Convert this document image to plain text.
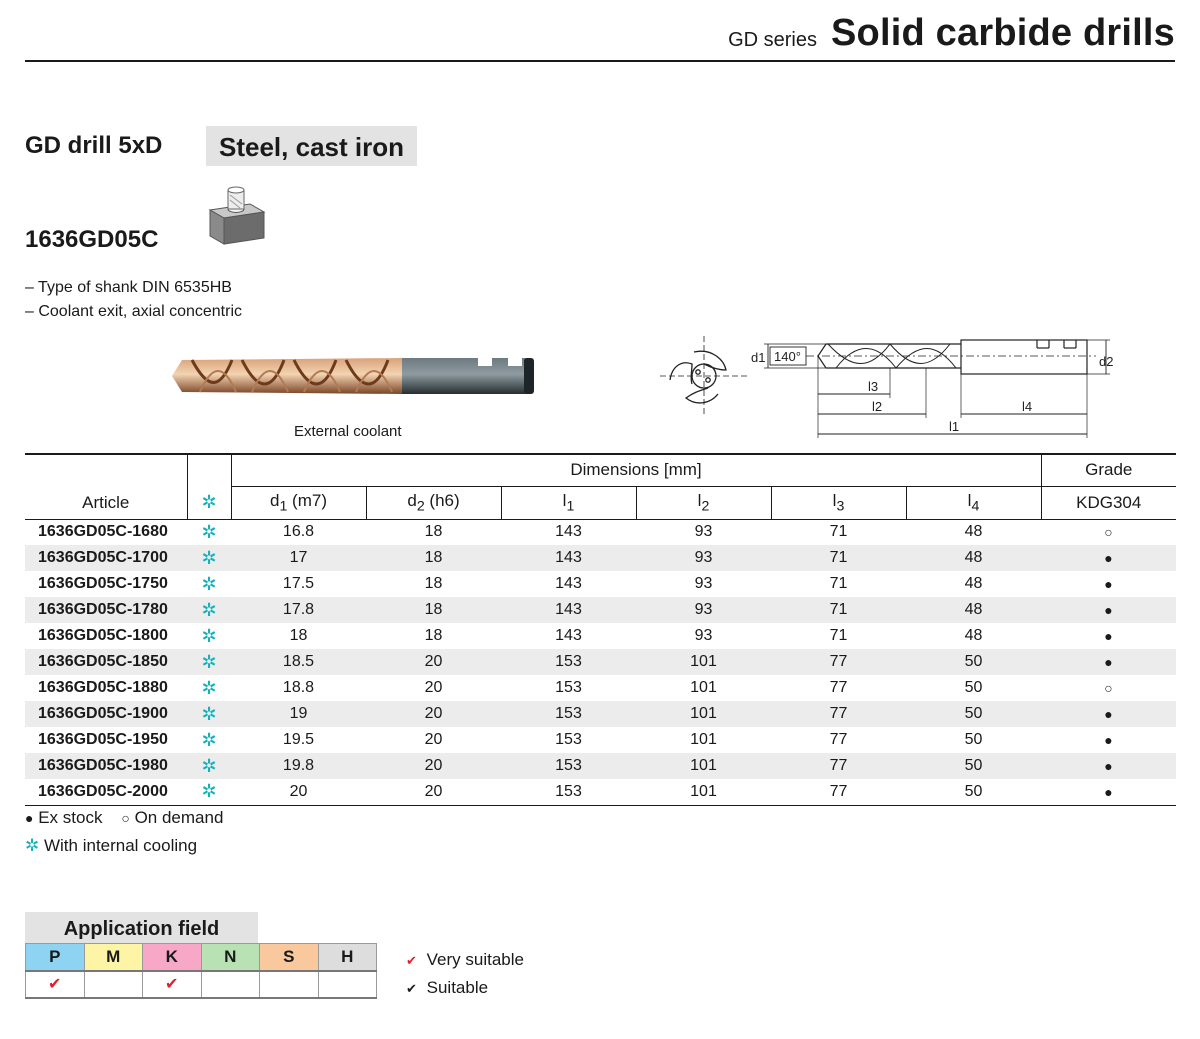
GD series Solid carbide drills
GD drill 5xD	Steel, cast iron
1636GD05C
– Type of shank DIN 6535HB
– Coolant exit, axial concentric
External coolant
d1 140°	d2
l3
l2	l4
l1
Article	✲	Dimensions [mm]						Grade
		$d_1$ (m7)	$d_2$ (h6)	$l_1$	$l_2$	$l_3$	$l_4$	KDG304
1636GD05C-1680	✲	16.8	18	143	93	71	48	○
1636GD05C-1700	✲	17	18	143	93	71	48	●
1636GD05C-1750	✲	17.5	18	143	93	71	48	●
1636GD05C-1780	✲	17.8	18	143	93	71	48	●
1636GD05C-1800	✲	18	18	143	93	71	48	●
1636GD05C-1850	✲	18.5	20	153	101	77	50	●
1636GD05C-1880	✲	18.8	20	153	101	77	50	○
1636GD05C-1900	✲	19	20	153	101	77	50	●
1636GD05C-1950	✲	19.5	20	153	101	77	50	●
1636GD05C-1980	✲	19.8	20	153	101	77	50	●
1636GD05C-2000	✲	20	20	153	101	77	50	●
● Ex stock ○ On demand
✲ With internal cooling
Application field
P	M	K	N	S	H
✔		✔			
✔ Very suitable
✔ Suitable
